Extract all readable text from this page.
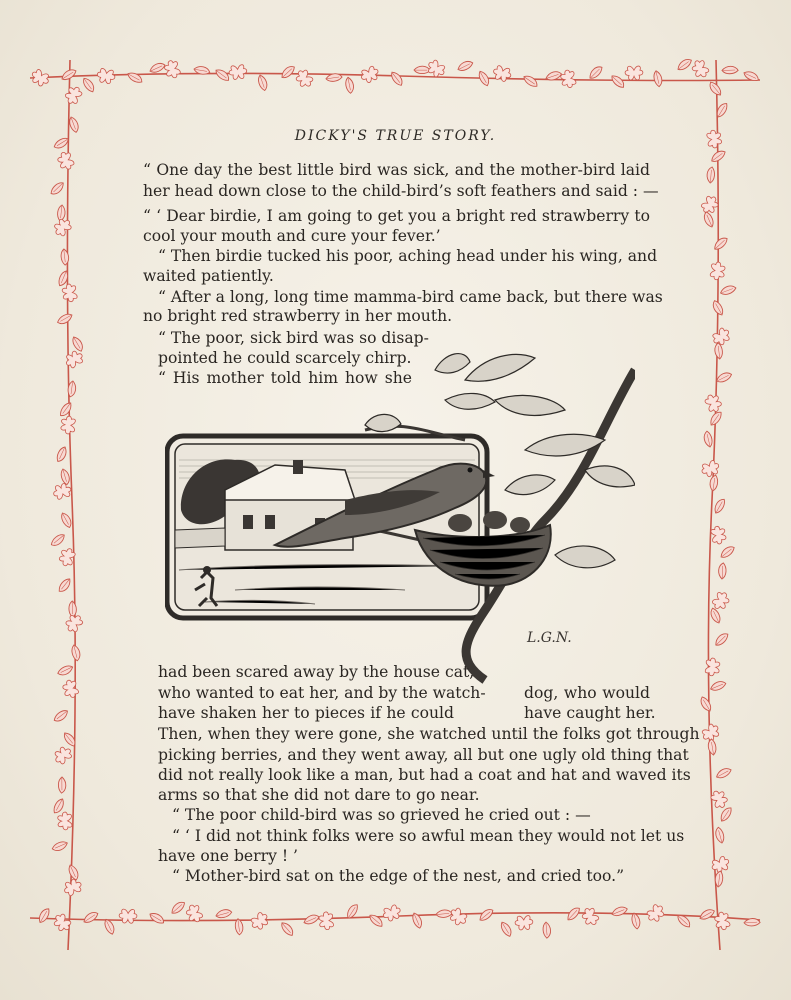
DICKY'S TRUE STORY.
“ One day the best little bird was sick, and the mother-bird laid
her head down close to the child-bird’s soft feathers and said : —
“ ‘ Dear birdie, I am going to get you a bright red strawberry to
cool your mouth and cure your fever.’
“ Then birdie tucked his poor, aching head under his wing, and
waited patiently.
“ After a long, long time mamma-bird came back, but there was
no bright red strawberry in her mouth.
“ The poor, sick bird was so disap-
pointed he could scarcely chirp.
“ His mother told him how she
L.G.N.
had been scared away by the house cat,
who wanted to eat her, and by the watch-
have shaken her to pieces if he could
dog, who would
have caught her.
Then, when they were gone, she watched until the folks got through
picking berries, and they went away, all but one ugly old thing that
did not really look like a man, but had a coat and hat and waved its
arms so that she did not dare to go near.
“ The poor child-bird was so grieved he cried out : —
“ ‘ I did not think folks were so awful mean they would not let us
have one berry ! ’
“ Mother-bird sat on the edge of the nest, and cried too.”
